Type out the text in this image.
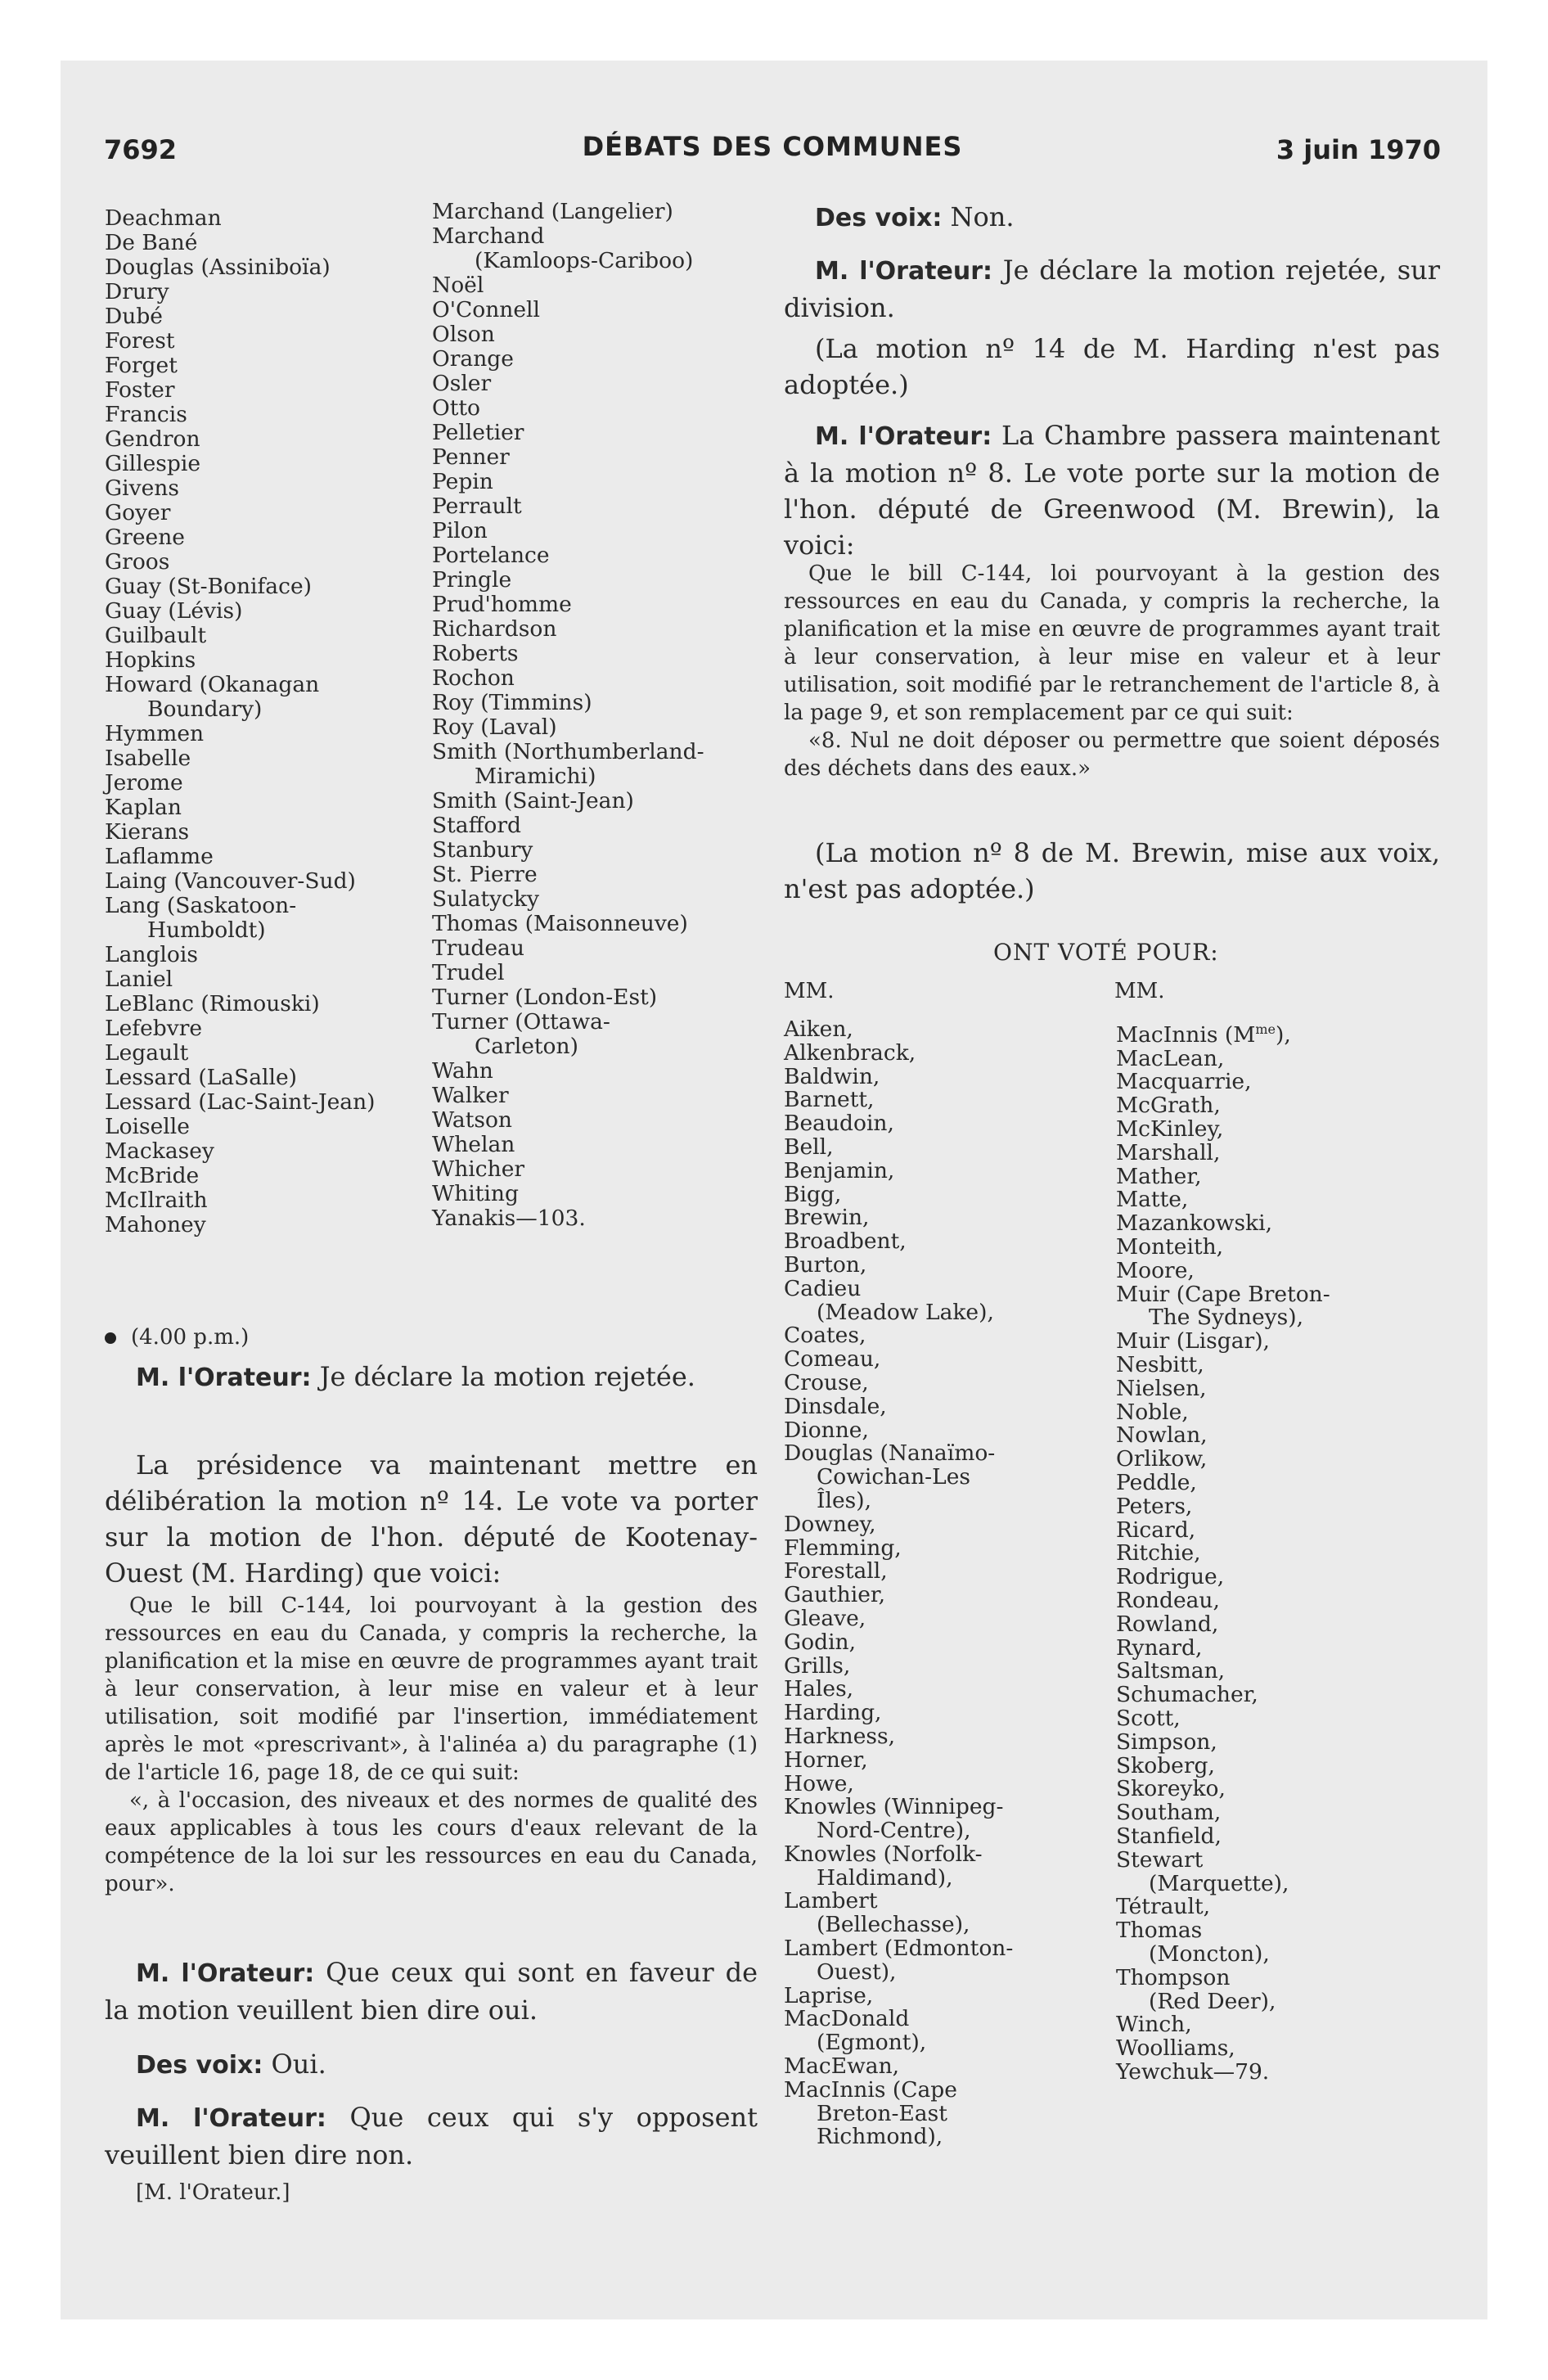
7692	DÉBATS DES COMMUNES	3 juin 1970
Deachman
De Bané
Douglas (Assiniboïa)
Drury
Dubé
Forest
Forget
Foster
Francis
Gendron
Gillespie
Givens
Goyer
Greene
Groos
Guay (St-Boniface)
Guay (Lévis)
Guilbault
Hopkins
Howard (Okanagan
Boundary)
Hymmen
Isabelle
Jerome
Kaplan
Kierans
Laflamme
Laing (Vancouver-Sud)
Lang (Saskatoon-
Humboldt)
Langlois
Laniel
LeBlanc (Rimouski)
Lefebvre
Legault
Lessard (LaSalle)
Lessard (Lac-Saint-Jean)
Loiselle
Mackasey
McBride
McIlraith
Mahoney
Marchand (Langelier)
Marchand
(Kamloops-Cariboo)
Noël
O'Connell
Olson
Orange
Osler
Otto
Pelletier
Penner
Pepin
Perrault
Pilon
Portelance
Pringle
Prud'homme
Richardson
Roberts
Rochon
Roy (Timmins)
Roy (Laval)
Smith (Northumberland-
Miramichi)
Smith (Saint-Jean)
Stafford
Stanbury
St. Pierre
Sulatycky
Thomas (Maisonneuve)
Trudeau
Trudel
Turner (London-Est)
Turner (Ottawa-
Carleton)
Wahn
Walker
Watson
Whelan
Whicher
Whiting
Yanakis—103.
(4.00 p.m.)
M. l'Orateur: Je déclare la motion rejetée.
La présidence va maintenant mettre en délibération la motion nº 14. Le vote va porter sur la motion de l'hon. député de Kootenay-Ouest (M. Harding) que voici:
Que le bill C-144, loi pourvoyant à la gestion des ressources en eau du Canada, y compris la recherche, la planification et la mise en œuvre de programmes ayant trait à leur conservation, à leur mise en valeur et à leur utilisation, soit modifié par l'insertion, immédiatement après le mot «prescrivant», à l'alinéa a) du paragraphe (1) de l'article 16, page 18, de ce qui suit:
«, à l'occasion, des niveaux et des normes de qualité des eaux applicables à tous les cours d'eaux relevant de la compétence de la loi sur les ressources en eau du Canada, pour».
M. l'Orateur: Que ceux qui sont en faveur de la motion veuillent bien dire oui.
Des voix: Oui.
M. l'Orateur: Que ceux qui s'y opposent veuillent bien dire non.
[M. l'Orateur.]
Des voix: Non.
M. l'Orateur: Je déclare la motion rejetée, sur division.
(La motion nº 14 de M. Harding n'est pas adoptée.)
M. l'Orateur: La Chambre passera maintenant à la motion nº 8. Le vote porte sur la motion de l'hon. député de Greenwood (M. Brewin), la voici:
Que le bill C-144, loi pourvoyant à la gestion des ressources en eau du Canada, y compris la recherche, la planification et la mise en œuvre de programmes ayant trait à leur conservation, à leur mise en valeur et à leur utilisation, soit modifié par le retranchement de l'article 8, à la page 9, et son remplacement par ce qui suit:
«8. Nul ne doit déposer ou permettre que soient déposés des déchets dans des eaux.»
(La motion nº 8 de M. Brewin, mise aux voix, n'est pas adoptée.)
ONT VOTÉ POUR:
MM.	MM.
Aiken,
Alkenbrack,
Baldwin,
Barnett,
Beaudoin,
Bell,
Benjamin,
Bigg,
Brewin,
Broadbent,
Burton,
Cadieu
(Meadow Lake),
Coates,
Comeau,
Crouse,
Dinsdale,
Dionne,
Douglas (Nanaïmo-
Cowichan-Les
Îles),
Downey,
Flemming,
Forestall,
Gauthier,
Gleave,
Godin,
Grills,
Hales,
Harding,
Harkness,
Horner,
Howe,
Knowles (Winnipeg-
Nord-Centre),
Knowles (Norfolk-
Haldimand),
Lambert
(Bellechasse),
Lambert (Edmonton-
Ouest),
Laprise,
MacDonald
(Egmont),
MacEwan,
MacInnis (Cape
Breton-East
Richmond),
MacInnis $(M^{me})$,
MacLean,
Macquarrie,
McGrath,
McKinley,
Marshall,
Mather,
Matte,
Mazankowski,
Monteith,
Moore,
Muir (Cape Breton-
The Sydneys),
Muir (Lisgar),
Nesbitt,
Nielsen,
Noble,
Nowlan,
Orlikow,
Peddle,
Peters,
Ricard,
Ritchie,
Rodrigue,
Rondeau,
Rowland,
Rynard,
Saltsman,
Schumacher,
Scott,
Simpson,
Skoberg,
Skoreyko,
Southam,
Stanfield,
Stewart
(Marquette),
Tétrault,
Thomas
(Moncton),
Thompson
(Red Deer),
Winch,
Woolliams,
Yewchuk—79.
